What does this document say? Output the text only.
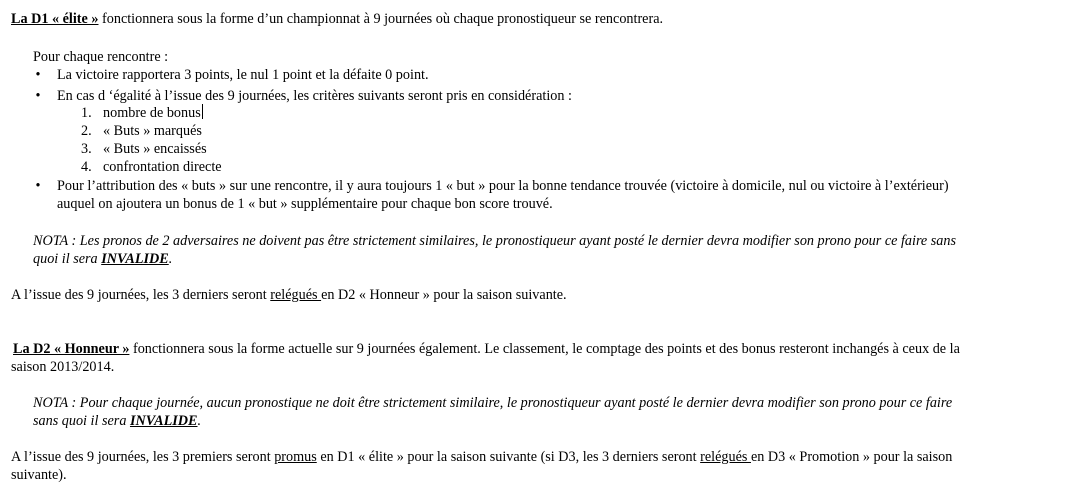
La D1 « élite » fonctionnera sous la forme d’un championnat à 9 journées où chaque pronostiqueur se rencontrera.

Pour chaque rencontre :

• La victoire rapportera 3 points, le nul 1 point et la défaite 0 point.
• En cas d ‘égalité à l’issue des 9 journées, les critères suivants seront pris en considération :
1. nombre de bonus
2. « Buts » marqués
3. « Buts » encaissés
4. confrontation directe
• Pour l’attribution des « buts » sur une rencontre, il y aura toujours 1 « but » pour la bonne tendance trouvée (victoire à domicile, nul ou victoire à l’extérieur)
auquel on ajoutera un bonus de 1 « but » supplémentaire pour chaque bon score trouvé.

NOTA : Les pronos de 2 adversaires ne doivent pas être strictement similaires, le pronostiqueur ayant posté le dernier devra modifier son prono pour ce faire sans

quoi il sera INVALIDE.

A l’issue des 9 journées, les 3 derniers seront relégués en D2 « Honneur » pour la saison suivante.

La D2 « Honneur » fonctionnera sous la forme actuelle sur 9 journées également. Le classement, le comptage des points et des bonus resteront inchangés à ceux de la

saison 2013/2014.

NOTA : Pour chaque journée, aucun pronostique ne doit être strictement similaire, le pronostiqueur ayant posté le dernier devra modifier son prono pour ce faire

sans quoi il sera INVALIDE.

A l’issue des 9 journées, les 3 premiers seront promus en D1 « élite » pour la saison suivante (si D3, les 3 derniers seront relégués en D3 « Promotion » pour la saison

suivante).
